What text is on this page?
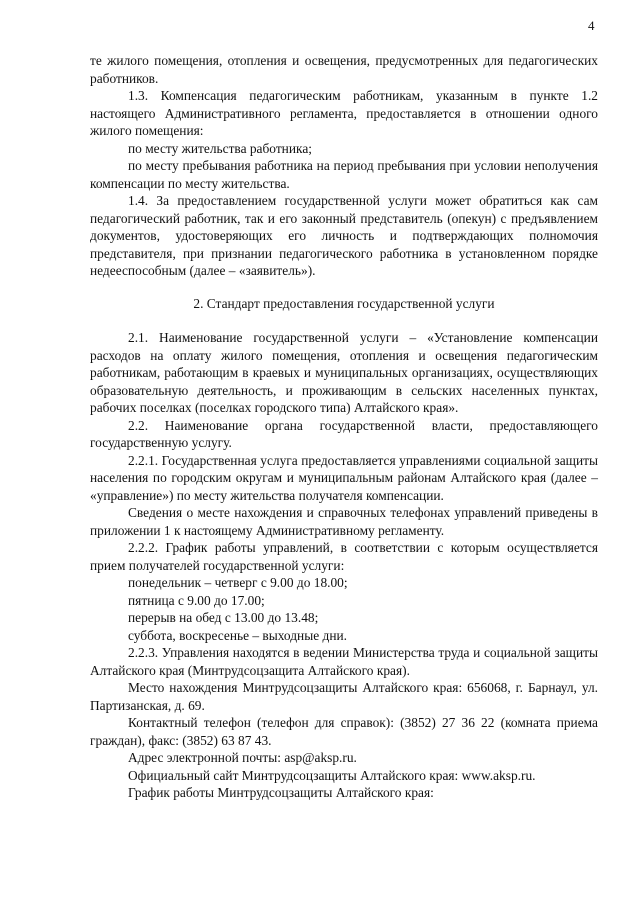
4

те жилого помещения, отопления и освещения, предусмотренных для педагогических работников.

1.3. Компенсация педагогическим работникам, указанным в пункте 1.2 настоящего Административного регламента, предоставляется в отношении одного жилого помещения:

по месту жительства работника;

по месту пребывания работника на период пребывания при условии неполучения компенсации по месту жительства.

1.4. За предоставлением государственной услуги может обратиться как сам педагогический работник, так и его законный представитель (опекун) с предъявлением документов, удостоверяющих его личность и подтверждающих полномочия представителя, при признании педагогического работника в установленном порядке недееспособным (далее – «заявитель»).

2. Стандарт предоставления государственной услуги

2.1. Наименование государственной услуги – «Установление компенсации расходов на оплату жилого помещения, отопления и освещения педагогическим работникам, работающим в краевых и муниципальных организациях, осуществляющих образовательную деятельность, и проживающим в сельских населенных пунктах, рабочих поселках (поселках городского типа) Алтайского края».

2.2. Наименование органа государственной власти, предоставляющего государственную услугу.

2.2.1. Государственная услуга предоставляется управлениями социальной защиты населения по городским округам и муниципальным районам Алтайского края (далее – «управление») по месту жительства получателя компенсации.

Сведения о месте нахождения и справочных телефонах управлений приведены в приложении 1 к настоящему Административному регламенту.

2.2.2. График работы управлений, в соответствии с которым осуществляется прием получателей государственной услуги:

понедельник – четверг с 9.00 до 18.00;

пятница с 9.00 до 17.00;

перерыв на обед с 13.00 до 13.48;

суббота, воскресенье – выходные дни.

2.2.3. Управления находятся в ведении Министерства труда и социальной защиты Алтайского края (Минтрудсоцзащита Алтайского края).

Место нахождения Минтрудсоцзащиты Алтайского края: 656068, г. Барнаул, ул. Партизанская, д. 69.

Контактный телефон (телефон для справок): (3852) 27 36 22 (комната приема граждан), факс: (3852) 63 87 43.

Адрес электронной почты: asp@aksp.ru.

Официальный сайт Минтрудсоцзащиты Алтайского края: www.aksp.ru.

График работы Минтрудсоцзащиты Алтайского края:
